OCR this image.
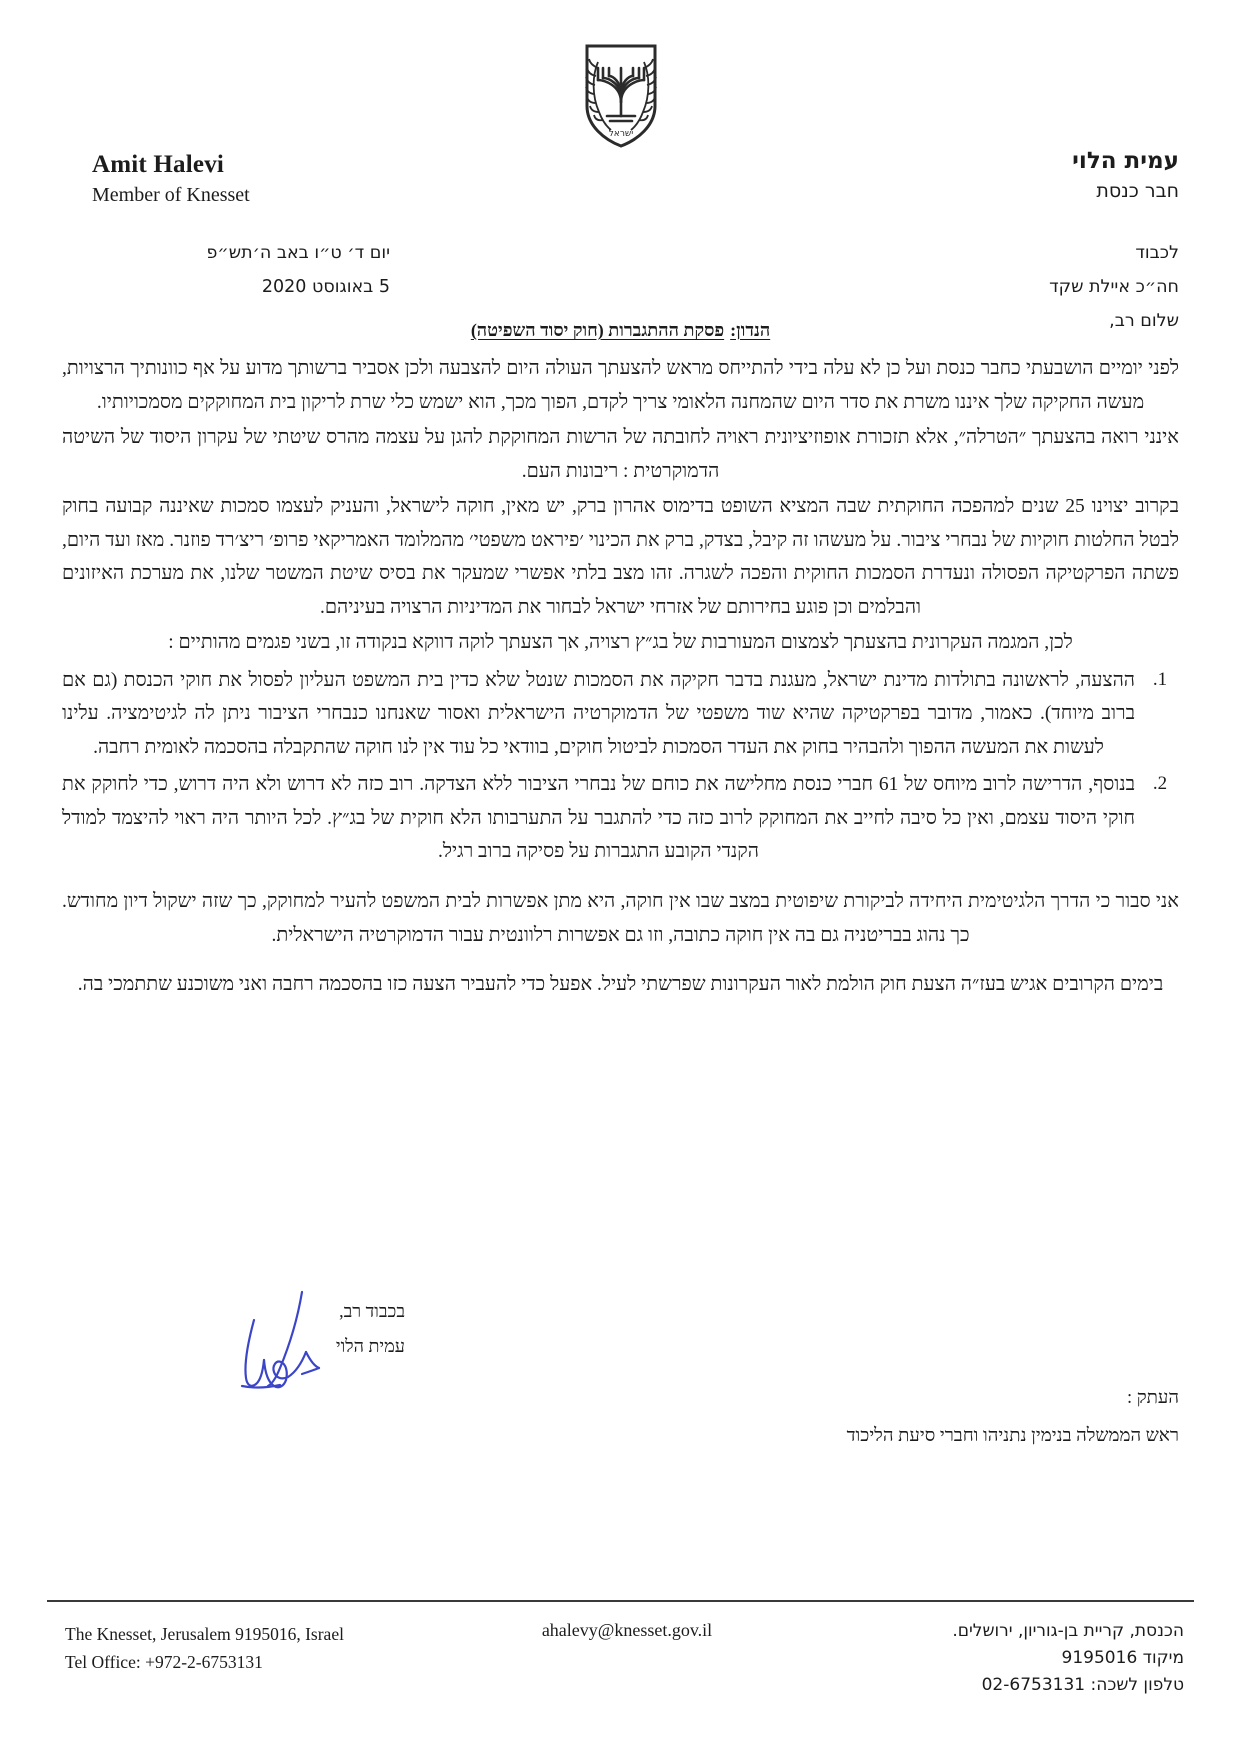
ישראל
Amit Halevi
Member of Knesset
עמית הלוי
חבר כנסת
יום ד׳ ט״ו באב ה׳תש״פ
5 באוגוסט 2020
לכבוד
חה״כ איילת שקד
שלום רב,
הנדון:פסקת ההתגברות (חוק יסוד השפיטה)

לפני יומיים הושבעתי כחבר כנסת ועל כן לא עלה בידי להתייחס מראש להצעתך העולה היום להצבעה ולכן אסביר ברשותך מדוע על אף כוונותיך הרצויות, מעשה החקיקה שלך איננו משרת את סדר היום שהמחנה הלאומי צריך לקדם, הפוך מכך, הוא ישמש כלי שרת לריקון בית המחוקקים מסמכויותיו.

אינני רואה בהצעתך ״הטרלה״, אלא תזכורת אופוזיציונית ראויה לחובתה של הרשות המחוקקת להגן על עצמה מהרס שיטתי של עקרון היסוד של השיטה הדמוקרטית : ריבונות העם.

בקרוב יצוינו 25 שנים למהפכה החוקתית שבה המציא השופט בדימוס אהרון ברק, יש מאין, חוקה לישראל, והעניק לעצמו סמכות שאיננה קבועה בחוק לבטל החלטות חוקיות של נבחרי ציבור. על מעשהו זה קיבל, בצדק, ברק את הכינוי ׳פיראט משפטי׳ מהמלומד האמריקאי פרופ׳ ריצ׳רד פוזנר. מאז ועד היום, פשתה הפרקטיקה הפסולה ונעדרת הסמכות החוקית והפכה לשגרה. זהו מצב בלתי אפשרי שמעקר את בסיס שיטת המשטר שלנו, את מערכת האיזונים והבלמים וכן פוגע בחירותם של אזרחי ישראל לבחור את המדיניות הרצויה בעיניהם.

לכן, המגמה העקרונית בהצעתך לצמצום המעורבות של בג״ץ רצויה, אך הצעתך לוקה דווקא בנקודה זו, בשני פגמים מהותיים :

ההצעה, לראשונה בתולדות מדינת ישראל, מעגנת בדבר חקיקה את הסמכות שנטל שלא כדין בית המשפט העליון לפסול את חוקי הכנסת (גם אם ברוב מיוחד). כאמור, מדובר בפרקטיקה שהיא שוד משפטי של הדמוקרטיה הישראלית ואסור שאנחנו כנבחרי הציבור ניתן לה לגיטימציה. עלינו לעשות את המעשה ההפוך ולהבהיר בחוק את העדר הסמכות לביטול חוקים, בוודאי כל עוד אין לנו חוקה שהתקבלה בהסכמה לאומית רחבה.
בנוסף, הדרישה לרוב מיוחס של 61 חברי כנסת מחלישה את כוחם של נבחרי הציבור ללא הצדקה. רוב כזה לא דרוש ולא היה דרוש, כדי לחוקק את חוקי היסוד עצמם, ואין כל סיבה לחייב את המחוקק לרוב כזה כדי להתגבר על התערבותו הלא חוקית של בג״ץ. לכל היותר היה ראוי להיצמד למודל הקנדי הקובע התגברות על פסיקה ברוב רגיל.

אני סבור כי הדרך הלגיטימית היחידה לביקורת שיפוטית במצב שבו אין חוקה, היא מתן אפשרות לבית המשפט להעיר למחוקק, כך שזה ישקול דיון מחודש. כך נהוג בבריטניה גם בה אין חוקה כתובה, וזו גם אפשרות רלוונטית עבור הדמוקרטיה הישראלית.

בימים הקרובים אגיש בעז״ה הצעת חוק הולמת לאור העקרונות שפרשתי לעיל. אפעל כדי להעביר הצעה כזו בהסכמה רחבה ואני משוכנע שתתמכי בה.

בכבוד רב,
עמית הלוי
העתק :
ראש הממשלה בנימין נתניהו וחברי סיעת הליכוד
The Knesset, Jerusalem 9195016, Israel
Tel Office: +972-2-6753131
ahalevy@knesset.gov.il	הכנסת, קריית בן-גוריון, ירושלים.
מיקוד 9195016
טלפון לשכה: 02-6753131
